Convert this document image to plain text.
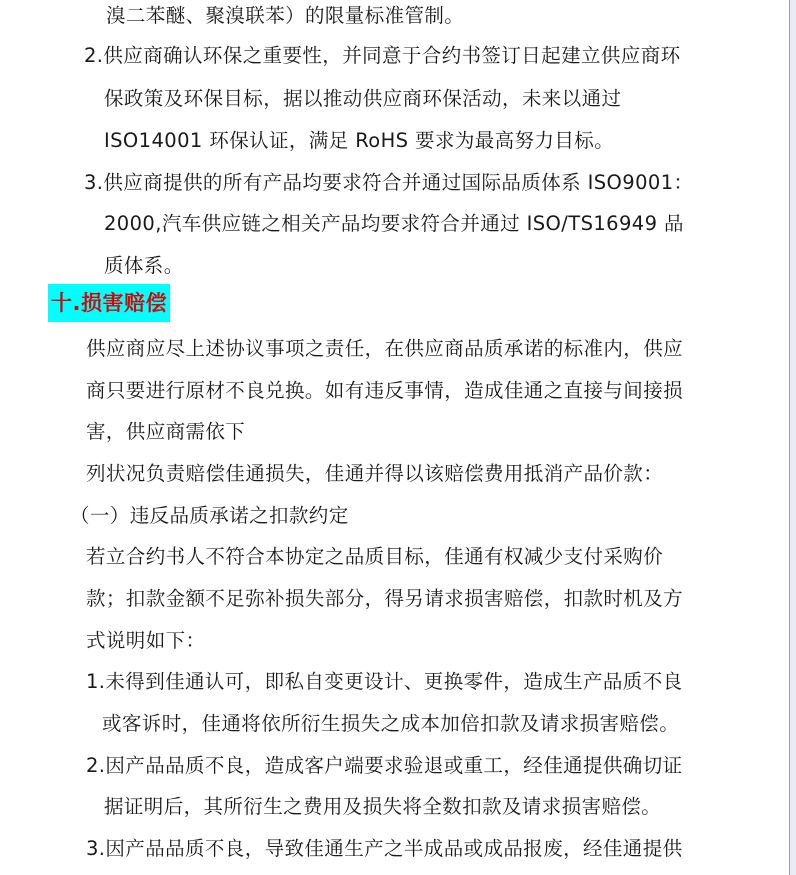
溴二苯醚、聚溴联苯）的限量标准管制。
2.供应商确认环保之重要性，并同意于合约书签订日起建立供应商环
保政策及环保目标，据以推动供应商环保活动，未来以通过
ISO14001 环保认证，满足 RoHS 要求为最高努力目标。
3.供应商提供的所有产品均要求符合并通过国际品质体系 ISO9001：
2000,汽车供应链之相关产品均要求符合并通过 ISO/TS16949 品
质体系。
十.损害赔偿
供应商应尽上述协议事项之责任，在供应商品质承诺的标准内，供应
商只要进行原材不良兑换。如有违反事情，造成佳通之直接与间接损
害，供应商需依下
列状况负责赔偿佳通损失，佳通并得以该赔偿费用抵消产品价款：
（一）违反品质承诺之扣款约定
若立合约书人不符合本协定之品质目标，佳通有权减少支付采购价
款；扣款金额不足弥补损失部分，得另请求损害赔偿，扣款时机及方
式说明如下：
1.未得到佳通认可，即私自变更设计、更换零件，造成生产品质不良
或客诉时，佳通将依所衍生损失之成本加倍扣款及请求损害赔偿。
2.因产品品质不良，造成客户端要求验退或重工，经佳通提供确切证
据证明后，其所衍生之费用及损失将全数扣款及请求损害赔偿。
3.因产品品质不良，导致佳通生产之半成品或成品报废，经佳通提供
